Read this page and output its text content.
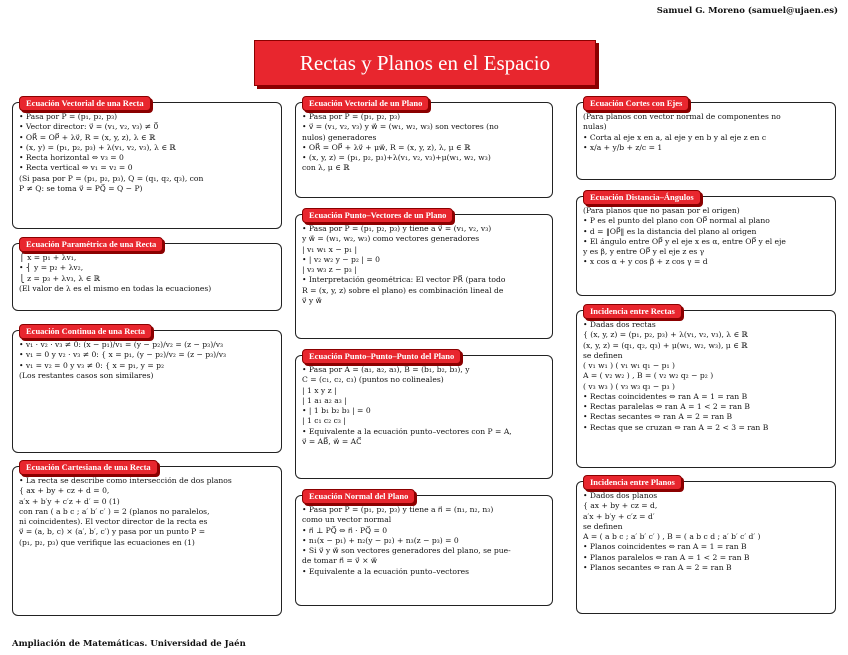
Samuel G. Moreno (samuel@ujaen.es)
Rectas y Planos en el Espacio
Ecuación Vectorial de una Recta
• Pasa por P = (p₁, p₂, p₃)
• Vector director: v⃗ = (v₁, v₂, v₃) ≠ 0⃗
• OR⃗ = OP⃗ + λv⃗, R = (x, y, z), λ ∈ ℝ
• (x, y) = (p₁, p₂, p₃) + λ(v₁, v₂, v₃), λ ∈ ℝ
• Recta horizontal ⇔ v₃ = 0
• Recta vertical ⇔ v₁ = v₂ = 0
(Si pasa por P = (p₁, p₂, p₃), Q = (q₁, q₂, q₃), con
P ≠ Q: se toma v⃗ = PQ⃗ = Q − P)
Ecuación Paramétrica de una Recta
⎧ x = p₁ + λv₁,
• ⎨ y = p₂ + λv₂,
⎩ z = p₃ + λv₃, λ ∈ ℝ
(El valor de λ es el mismo en todas la ecuaciones)
Ecuación Continua de una Recta
• v₁ · v₂ · v₃ ≠ 0: (x − p₁)/v₁ = (y − p₂)/v₂ = (z − p₃)/v₃
• v₁ = 0 y v₂ · v₃ ≠ 0: { x = p₁, (y − p₂)/v₂ = (z − p₃)/v₃
• v₁ = v₂ = 0 y v₃ ≠ 0: { x = p₁, y = p₂
(Los restantes casos son similares)
Ecuación Cartesiana de una Recta
• La recta se describe como intersección de dos planos
{ ax + by + cz + d = 0,
a′x + b′y + c′z + d′ = 0 (1)
con ran ( a b c ; a′ b′ c′ ) = 2 (planos no paralelos,
ni coincidentes). El vector director de la recta es
v⃗ = (a, b, c) × (a′, b′, c′) y pasa por un punto P =
(p₁, p₂, p₃) que verifique las ecuaciones en (1)
Ecuación Vectorial de un Plano
• Pasa por P = (p₁, p₂, p₃)
• v⃗ = (v₁, v₂, v₃) y w⃗ = (w₁, w₂, w₃) son vectores (no
nulos) generadores
• OR⃗ = OP⃗ + λv⃗ + μw⃗, R = (x, y, z), λ, μ ∈ ℝ
• (x, y, z) = (p₁, p₂, p₃)+λ(v₁, v₂, v₃)+μ(w₁, w₂, w₃)
con λ, μ ∈ ℝ
Ecuación Punto–Vectores de un Plano
• Pasa por P = (p₁, p₂, p₃) y tiene a v⃗ = (v₁, v₂, v₃)
y w⃗ = (w₁, w₂, w₃) como vectores generadores
| v₁ w₁ x − p₁ |
• | v₂ w₂ y − p₂ | = 0
| v₃ w₃ z − p₃ |
• Interpretación geométrica: El vector PR⃗ (para todo
R = (x, y, z) sobre el plano) es combinación lineal de
v⃗ y w⃗
Ecuación Punto–Punto–Punto del Plano
• Pasa por A = (a₁, a₂, a₃), B = (b₁, b₂, b₃), y
C = (c₁, c₂, c₃) (puntos no colineales)
| 1 x y z |
| 1 a₁ a₂ a₃ |
• | 1 b₁ b₂ b₃ | = 0
| 1 c₁ c₂ c₃ |
• Equivalente a la ecuación punto–vectores con P = A,
v⃗ = AB⃗, w⃗ = AC⃗
Ecuación Normal del Plano
• Pasa por P = (p₁, p₂, p₃) y tiene a n⃗ = (n₁, n₂, n₃)
como un vector normal
• n⃗ ⊥ PQ⃗ ⇔ n⃗ · PQ⃗ = 0
• n₁(x − p₁) + n₂(y − p₂) + n₃(z − p₃) = 0
• Si v⃗ y w⃗ son vectores generadores del plano, se pue-
de tomar n⃗ = v⃗ × w⃗
• Equivalente a la ecuación punto–vectores
Ecuación Cortes con Ejes
(Para planos con vector normal de componentes no
nulas)
• Corta al eje x en a, al eje y en b y al eje z en c
• x/a + y/b + z/c = 1
Ecuación Distancia–Ángulos
(Para planos que no pasan por el origen)
• P es el punto del plano con OP⃗ normal al plano
• d = ‖OP⃗‖ es la distancia del plano al origen
• El ángulo entre OP⃗ y el eje x es α, entre OP⃗ y el eje
y es β, y entre OP⃗ y el eje z es γ
• x cos α + y cos β + z cos γ = d
Incidencia entre Rectas
• Dadas dos rectas
{ (x, y, z) = (p₁, p₂, p₃) + λ(v₁, v₂, v₃), λ ∈ ℝ
(x, y, z) = (q₁, q₂, q₃) + μ(w₁, w₂, w₃), μ ∈ ℝ
se definen
( v₁ w₁ ) ( v₁ w₁ q₁ − p₁ )
A = ( v₂ w₂ ) , B = ( v₂ w₂ q₂ − p₂ )
( v₃ w₃ ) ( v₃ w₃ q₃ − p₃ )
• Rectas coincidentes ⇔ ran A = 1 = ran B
• Rectas paralelas ⇔ ran A = 1 < 2 = ran B
• Rectas secantes ⇔ ran A = 2 = ran B
• Rectas que se cruzan ⇔ ran A = 2 < 3 = ran B
Incidencia entre Planos
• Dados dos planos
{ ax + by + cz = d,
a′x + b′y + c′z = d′
se definen
A = ( a b c ; a′ b′ c′ ) , B = ( a b c d ; a′ b′ c′ d′ )
• Planos coincidentes ⇔ ran A = 1 = ran B
• Planos paralelos ⇔ ran A = 1 < 2 = ran B
• Planos secantes ⇔ ran A = 2 = ran B
Ampliación de Matemáticas. Universidad de Jaén
